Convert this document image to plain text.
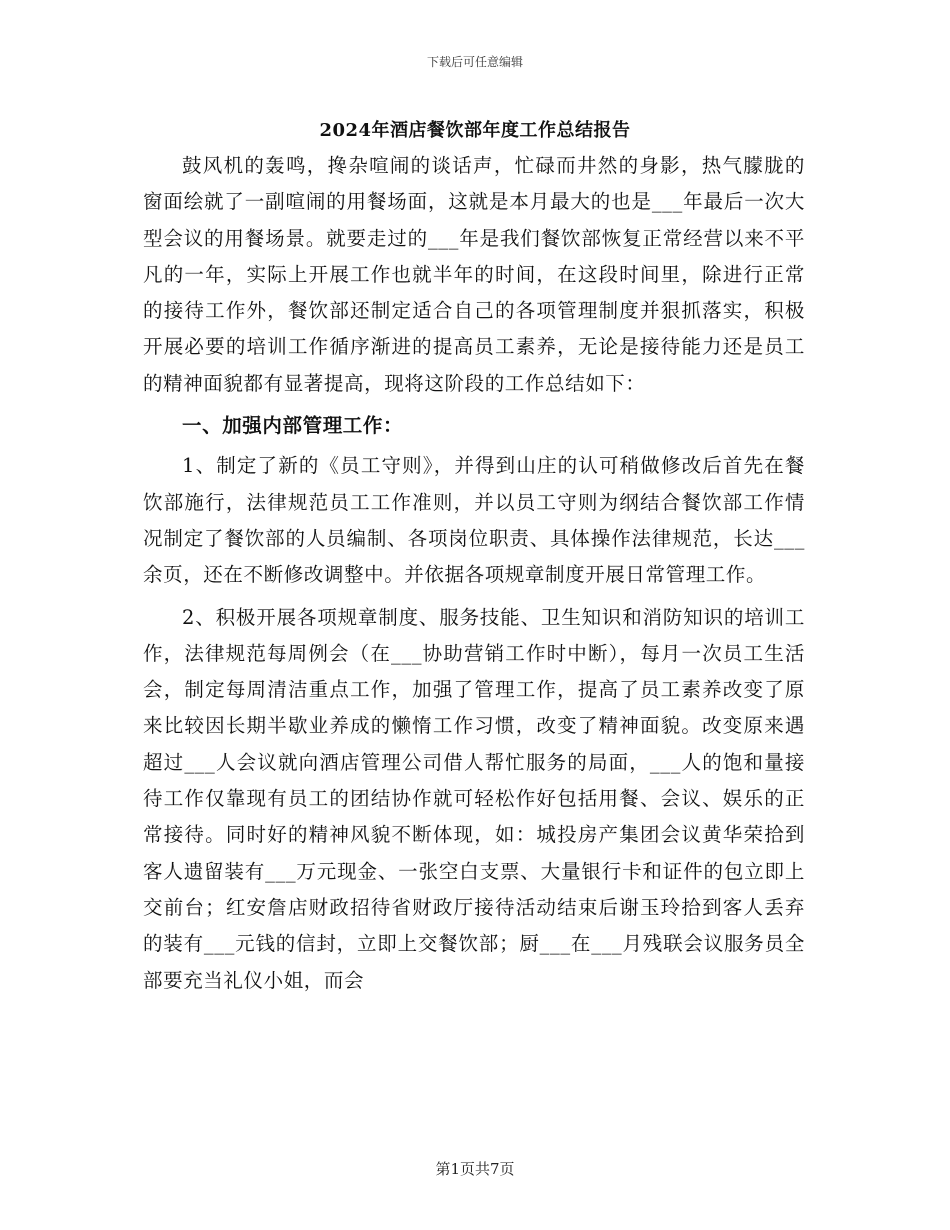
下载后可任意编辑
2024年酒店餐饮部年度工作总结报告

鼓风机的轰鸣，搀杂喧闹的谈话声，忙碌而井然的身影，热气朦胧的窗面绘就了一副喧闹的用餐场面，这就是本月最大的也是___年最后一次大型会议的用餐场景。就要走过的___年是我们餐饮部恢复正常经营以来不平凡的一年，实际上开展工作也就半年的时间，在这段时间里，除进行正常的接待工作外，餐饮部还制定适合自己的各项管理制度并狠抓落实，积极开展必要的培训工作循序渐进的提高员工素养，无论是接待能力还是员工的精神面貌都有显著提高，现将这阶段的工作总结如下：

一、加强内部管理工作：

1、制定了新的《员工守则》，并得到山庄的认可稍做修改后首先在餐饮部施行，法律规范员工工作准则，并以员工守则为纲结合餐饮部工作情况制定了餐饮部的人员编制、各项岗位职责、具体操作法律规范，长达___余页，还在不断修改调整中。并依据各项规章制度开展日常管理工作。

2、积极开展各项规章制度、服务技能、卫生知识和消防知识的培训工作，法律规范每周例会（在___协助营销工作时中断），每月一次员工生活会，制定每周清洁重点工作，加强了管理工作，提高了员工素养改变了原来比较因长期半歇业养成的懒惰工作习惯，改变了精神面貌。改变原来遇超过___人会议就向酒店管理公司借人帮忙服务的局面，___人的饱和量接待工作仅靠现有员工的团结协作就可轻松作好包括用餐、会议、娱乐的正常接待。同时好的精神风貌不断体现，如：城投房产集团会议黄华荣拾到客人遗留装有___万元现金、一张空白支票、大量银行卡和证件的包立即上交前台；红安詹店财政招待省财政厅接待活动结束后谢玉玲拾到客人丢弃的装有___元钱的信封，立即上交餐饮部；厨___在___月残联会议服务员全部要充当礼仪小姐，而会

第1页共7页
